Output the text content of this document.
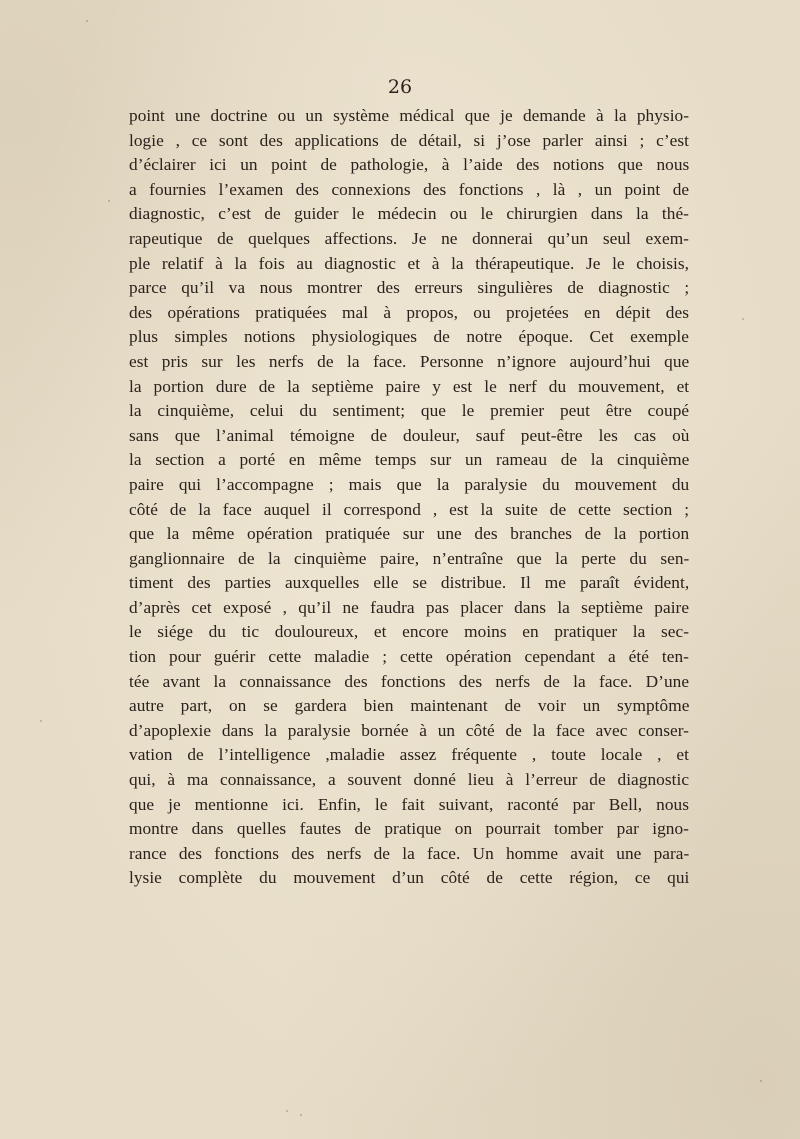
26
point une doctrine ou un système médical que je demande à la physio-
logie , ce sont des applications de détail, si j’ose parler ainsi ; c’est
d’éclairer ici un point de pathologie, à l’aide des notions que nous
a fournies l’examen des connexions des fonctions , là , un point de
diagnostic, c’est de guider le médecin ou le chirurgien dans la thé-
rapeutique de quelques affections. Je ne donnerai qu’un seul exem-
ple relatif à la fois au diagnostic et à la thérapeutique. Je le choisis,
parce qu’il va nous montrer des erreurs singulières de diagnostic ;
des opérations pratiquées mal à propos, ou projetées en dépit des
plus simples notions physiologiques de notre époque. Cet exemple
est pris sur les nerfs de la face. Personne n’ignore aujourd’hui que
la portion dure de la septième paire y est le nerf du mouvement, et
la cinquième, celui du sentiment; que le premier peut être coupé
sans que l’animal témoigne de douleur, sauf peut-être les cas où
la section a porté en même temps sur un rameau de la cinquième
paire qui l’accompagne ; mais que la paralysie du mouvement du
côté de la face auquel il correspond , est la suite de cette section ;
que la même opération pratiquée sur une des branches de la portion
ganglionnaire de la cinquième paire, n’entraîne que la perte du sen-
timent des parties auxquelles elle se distribue. Il me paraît évident,
d’après cet exposé , qu’il ne faudra pas placer dans la septième paire
le siége du tic douloureux, et encore moins en pratiquer la sec-
tion pour guérir cette maladie ; cette opération cependant a été ten-
tée avant la connaissance des fonctions des nerfs de la face. D’une
autre part, on se gardera bien maintenant de voir un symptôme
d’apoplexie dans la paralysie bornée à un côté de la face avec conser-
vation de l’intelligence ,maladie assez fréquente , toute locale , et
qui, à ma connaissance, a souvent donné lieu à l’erreur de diagnostic
que je mentionne ici. Enfin, le fait suivant, raconté par Bell, nous
montre dans quelles fautes de pratique on pourrait tomber par igno-
rance des fonctions des nerfs de la face. Un homme avait une para-
lysie complète du mouvement d’un côté de cette région, ce qui
